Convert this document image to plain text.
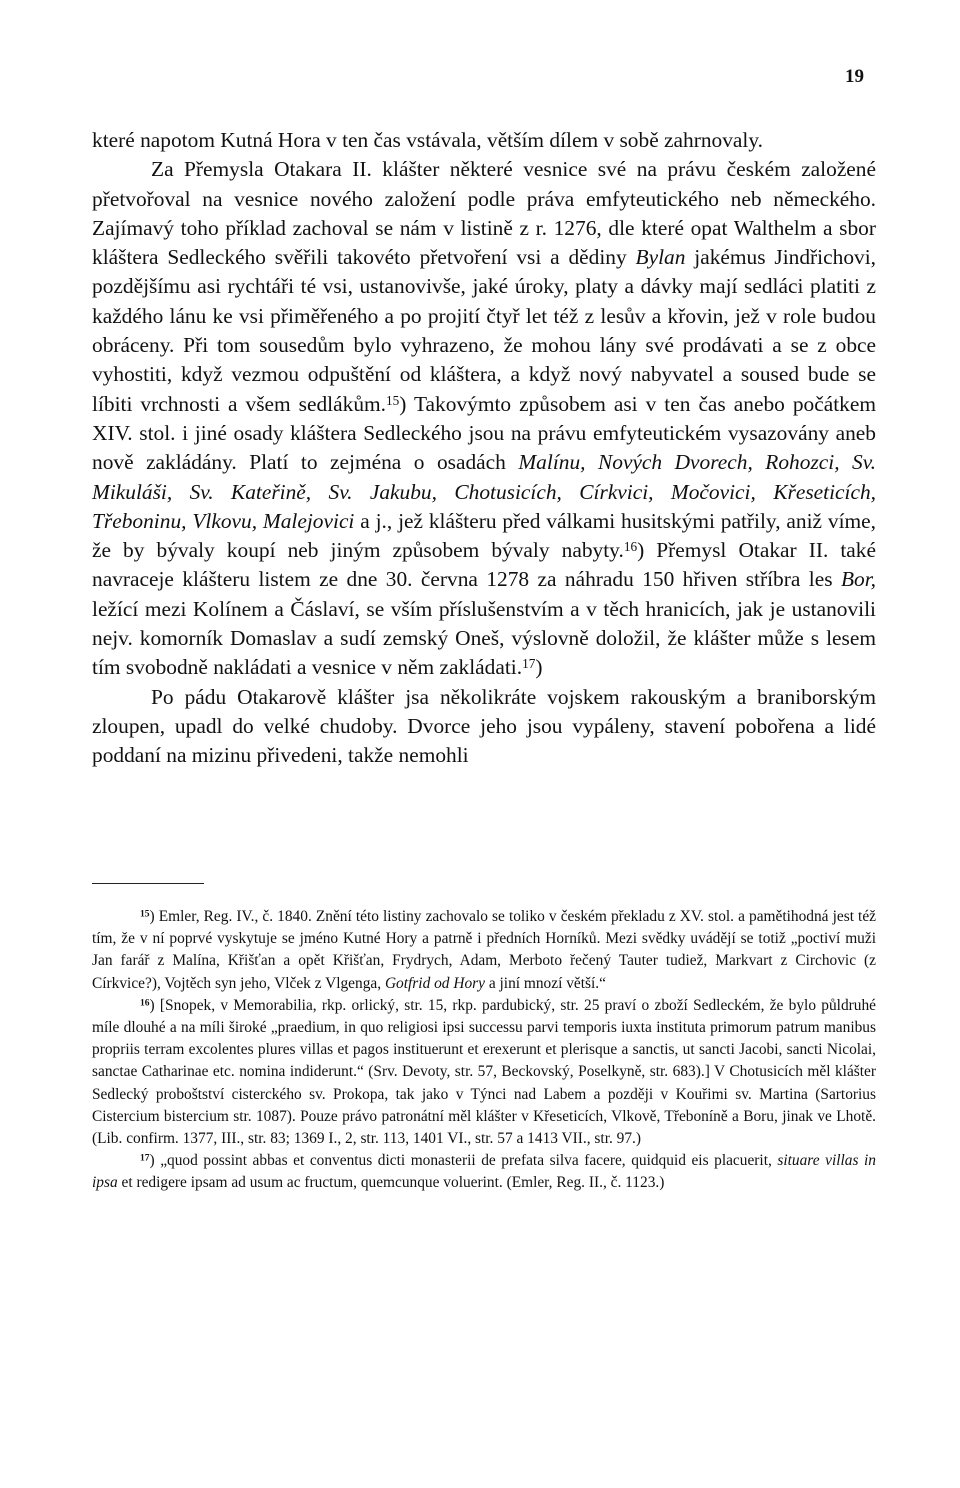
19

které napotom Kutná Hora v ten čas vstávala, větším dílem v sobě zahrnovaly.

Za Přemysla Otakara II. klášter některé vesnice své na právu českém založené přetvořoval na vesnice nového založení podle práva emfyteutického neb německého. Zajímavý toho příklad zachoval se nám v listině z r. 1276, dle které opat Walthelm a sbor kláštera Sedleckého svěřili takovéto přetvoření vsi a dědiny Bylan jakémus Jindřichovi, pozdějšímu asi rychtáři té vsi, ustanovivše, jaké úroky, platy a dávky mají sedláci platiti z každého lánu ke vsi přiměřeného a po projití čtyř let též z lesův a křovin, jež v role budou obráceny. Při tom sousedům bylo vyhrazeno, že mohou lány své prodávati a se z obce vyhostiti, když vezmou odpuštění od kláštera, a když nový nabyvatel a soused bude se líbiti vrchnosti a všem sedlákům.$^{15}$) Takovýmto způsobem asi v ten čas anebo počátkem XIV. stol. i jiné osady kláštera Sedleckého jsou na právu emfyteutickém vysazovány aneb nově zakládány. Platí to zejména o osadách Malínu, Nových Dvorech, Rohozci, Sv. Mikuláši, Sv. Kateřině, Sv. Jakubu, Chotusicích, Církvici, Močovici, Křeseticích, Třeboninu, Vlkovu, Malejovici a j., jež klášteru před válkami husitskými patřily, aniž víme, že by bývaly koupí neb jiným způsobem bývaly nabyty.$^{16}$) Přemysl Otakar II. také navraceje klášteru listem ze dne 30. června 1278 za náhradu 150 hřiven stříbra les Bor, ležící mezi Kolínem a Čáslaví, se vším příslušenstvím a v těch hranicích, jak je ustanovili nejv. komorník Domaslav a sudí zemský Oneš, výslovně doložil, že klášter může s lesem tím svobodně nakládati a vesnice v něm zakládati.$^{17}$)

Po pádu Otakarově klášter jsa několikráte vojskem rakouským a braniborským zloupen, upadl do velké chudoby. Dvorce jeho jsou vypáleny, stavení pobořena a lidé poddaní na mizinu přivedeni, takže nemohli

$^{15}$) Emler, Reg. IV., č. 1840. Znění této listiny zachovalo se toliko v českém překladu z XV. stol. a pamětihodná jest též tím, že v ní poprvé vyskytuje se jméno Kutné Hory a patrně i předních Horníků. Mezi svědky uvádějí se totiž „poctiví muži Jan farář z Malína, Křišťan a opět Křišťan, Frydrych, Adam, Merboto řečený Tauter tudiež, Markvart z Circhovic (z Církvice?), Vojtěch syn jeho, Vlček z Vlgenga, Gotfrid od Hory a jiní mnozí větší.“

$^{16}$) [Snopek, v Memorabilia, rkp. orlický, str. 15, rkp. pardubický, str. 25 praví o zboží Sedleckém, že bylo půldruhé míle dlouhé a na míli široké „praedium, in quo religiosi ipsi successu parvi temporis iuxta instituta primorum patrum manibus propriis terram excolentes plures villas et pagos instituerunt et erexerunt et plerisque a sanctis, ut sancti Jacobi, sancti Nicolai, sanctae Catharinae etc. nomina indiderunt.“ (Srv. Devoty, str. 57, Beckovský, Poselkyně, str. 683).] V Chotusicích měl klášter Sedlecký proboštství cisterckého sv. Prokopa, tak jako v Týnci nad Labem a později v Kouřimi sv. Martina (Sartorius Cistercium bistercium str. 1087). Pouze právo patronátní měl klášter v Křeseticích, Vlkově, Třeboníně a Boru, jinak ve Lhotě. (Lib. confirm. 1377, III., str. 83; 1369 I., 2, str. 113, 1401 VI., str. 57 a 1413 VII., str. 97.)

$^{17}$) „quod possint abbas et conventus dicti monasterii de prefata silva facere, quidquid eis placuerit, situare villas in ipsa et redigere ipsam ad usum ac fructum, quemcunque voluerint. (Emler, Reg. II., č. 1123.)
